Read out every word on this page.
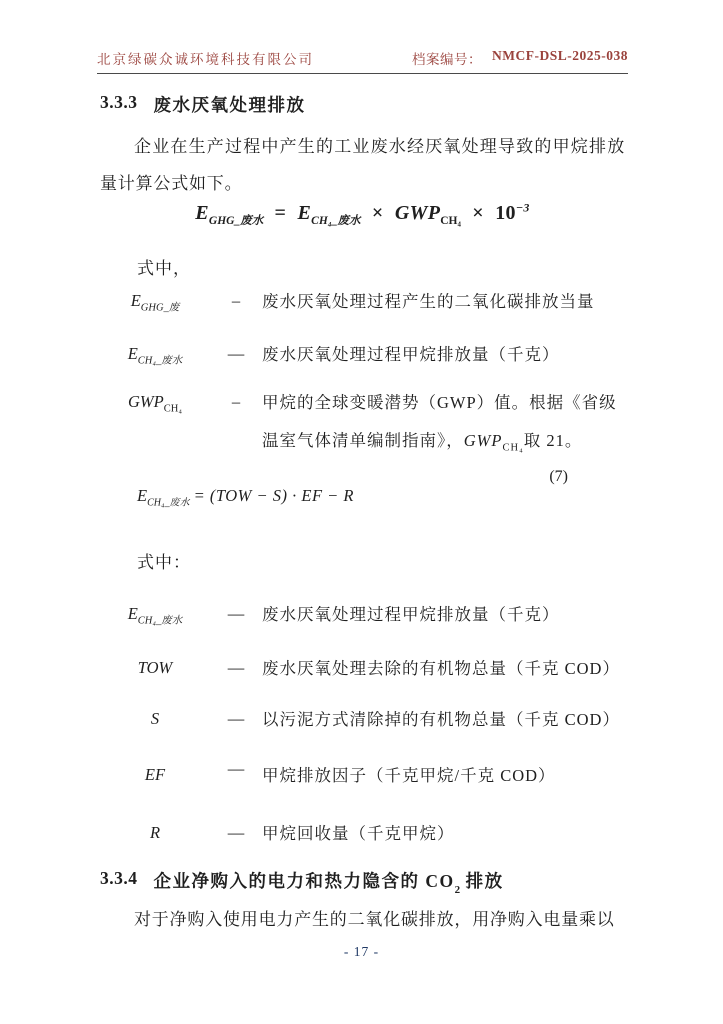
北京绿碳众诚环境科技有限公司	档案编号： NMCF-DSL-2025-038
3.3.3 废水厌氧处理排放
企业在生产过程中产生的工业废水经厌氧处理导致的甲烷排放量计算公式如下。
$E_{GHG\_废水} = E_{CH_4\_废水} \times GWP_{CH_4} \times 10^{-3}$
式中，
$E_{GHG\_废}$	–	废水厌氧处理过程产生的二氧化碳排放当量
$E_{CH_4\_废水}$	—	废水厌氧处理过程甲烷排放量（千克）
$GWP_{CH_4}$	–	甲烷的全球变暖潜势（GWP）值。根据《省级
温室气体清单编制指南》，$GWP_{CH_4}$取 21。
(7)
$E_{CH_4\_废水} = (TOW - S)$ · EF − R
式中：
$E_{CH_4\_废水}$	—	废水厌氧处理过程甲烷排放量（千克）
TOW	—	废水厌氧处理去除的有机物总量（千克 COD）
S	—	以污泥方式清除掉的有机物总量（千克 COD）
EF	—	甲烷排放因子（千克甲烷/千克 COD）
R	—	甲烷回收量（千克甲烷）
3.3.4 企业净购入的电力和热力隐含的 $CO_2$ 排放
对于净购入使用电力产生的二氧化碳排放，用净购入电量乘以
- 17 -
